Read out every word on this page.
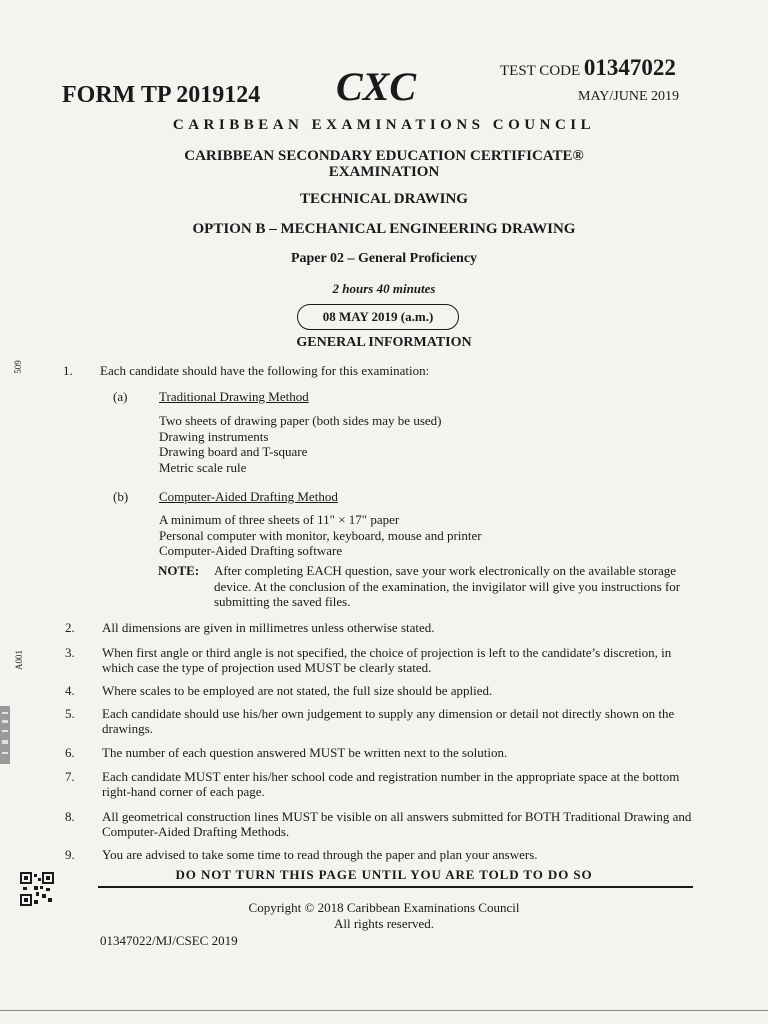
FORM TP 2019124 CXC	TEST CODE 01347022
MAY/JUNE 2019
CARIBBEAN EXAMINATIONS COUNCIL
CARIBBEAN SECONDARY EDUCATION CERTIFICATE®
EXAMINATION
TECHNICAL DRAWING
OPTION B – MECHANICAL ENGINEERING DRAWING
Paper 02 – General Proficiency
2 hours 40 minutes
08 MAY 2019 (a.m.)
GENERAL INFORMATION
509
A001
1. Each candidate should have the following for this examination:
(a) Traditional Drawing Method
Two sheets of drawing paper (both sides may be used)
Drawing instruments
Drawing board and T-square
Metric scale rule
(b) Computer-Aided Drafting Method
A minimum of three sheets of 11" × 17" paper
Personal computer with monitor, keyboard, mouse and printer
Computer-Aided Drafting software
NOTE: After completing EACH question, save your work electronically on the available storage device. At the conclusion of the examination, the invigilator will give you instructions for submitting the saved files.
2. All dimensions are given in millimetres unless otherwise stated.
3. When first angle or third angle is not specified, the choice of projection is left to the candidate’s discretion, in which case the type of projection used MUST be clearly stated.
4. Where scales to be employed are not stated, the full size should be applied.
5. Each candidate should use his/her own judgement to supply any dimension or detail not directly shown on the drawings.
6. The number of each question answered MUST be written next to the solution.
7. Each candidate MUST enter his/her school code and registration number in the appropriate space at the bottom right-hand corner of each page.
8. All geometrical construction lines MUST be visible on all answers submitted for BOTH Traditional Drawing and Computer-Aided Drafting Methods.
9. You are advised to take some time to read through the paper and plan your answers.
DO NOT TURN THIS PAGE UNTIL YOU ARE TOLD TO DO SO
Copyright © 2018 Caribbean Examinations Council
All rights reserved.
01347022/MJ/CSEC 2019
